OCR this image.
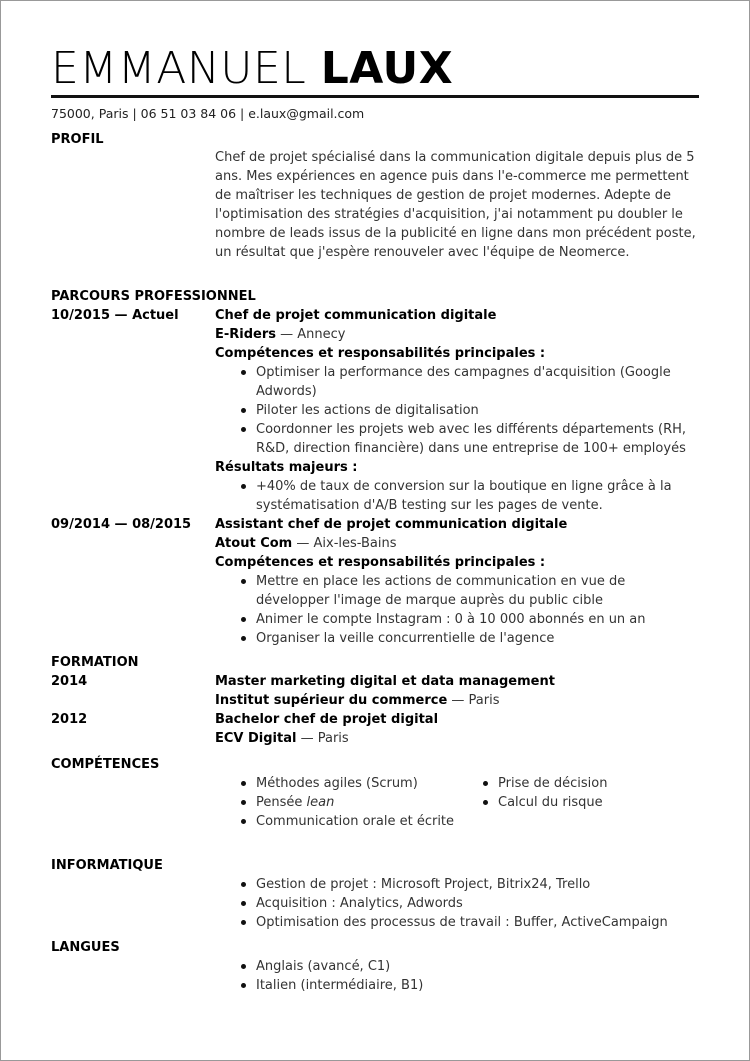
EMMANUEL LAUX
75000, Paris | 06 51 03 84 06 | e.laux@gmail.com
PROFIL
Chef de projet spécialisé dans la communication digitale depuis plus de 5 ans. Mes expériences en agence puis dans l'e-commerce me permettent de maîtriser les techniques de gestion de projet modernes. Adepte de l'optimisation des stratégies d'acquisition, j'ai notamment pu doubler le nombre de leads issus de la publicité en ligne dans mon précédent poste, un résultat que j'espère renouveler avec l'équipe de Neomerce.
PARCOURS PROFESSIONNEL
10/2015 — Actuel	Chef de projet communication digitale
E-Riders — Annecy
Compétences et responsabilités principales :
Optimiser la performance des campagnes d'acquisition (Google Adwords)
Piloter les actions de digitalisation
Coordonner les projets web avec les différents départements (RH, R&D, direction financière) dans une entreprise de 100+ employés
Résultats majeurs :
+40% de taux de conversion sur la boutique en ligne grâce à la systématisation d'A/B testing sur les pages de vente.
09/2014 — 08/2015	Assistant chef de projet communication digitale
Atout Com — Aix-les-Bains
Compétences et responsabilités principales :
Mettre en place les actions de communication en vue de développer l'image de marque auprès du public cible
Animer le compte Instagram : 0 à 10 000 abonnés en un an
Organiser la veille concurrentielle de l'agence
FORMATION
2014	Master marketing digital et data management
Institut supérieur du commerce — Paris
2012	Bachelor chef de projet digital
ECV Digital — Paris
COMPÉTENCES
Méthodes agiles (Scrum)
Pensée lean
Communication orale et écrite
Prise de décision
Calcul du risque
INFORMATIQUE
Gestion de projet : Microsoft Project, Bitrix24, Trello
Acquisition : Analytics, Adwords
Optimisation des processus de travail : Buffer, ActiveCampaign
LANGUES
Anglais (avancé, C1)
Italien (intermédiaire, B1)
